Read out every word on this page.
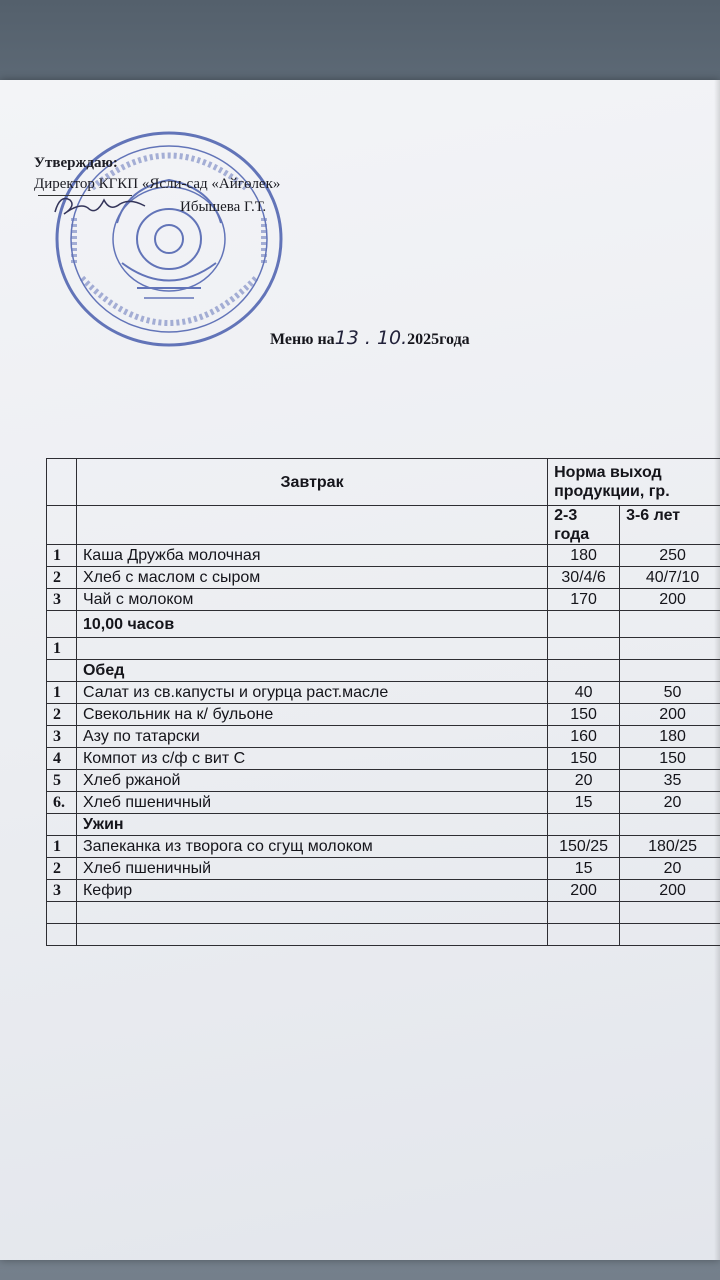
Утверждаю:
Директор КГКП «Ясли-сад «Айгөлек»
Ибышева Г.Т.
Меню на13 . 10.2025года
	Завтрак	Норма выход продукции, гр.	
		2-3 года	3-6 лет
1	Каша Дружба молочная	180	250
2	Хлеб с маслом с сыром	30/4/6	40/7/10
3	Чай с молоком	170	200
	10,00 часов		
1			
	Обед		
1	Салат из св.капусты и огурца раст.масле	40	50
2	Свекольник на к/ бульоне	150	200
3	Азу по татарски	160	180
4	Компот из с/ф с вит С	150	150
5	Хлеб ржаной	20	35
6.	Хлеб пшеничный	15	20
	Ужин		
1	Запеканка из творога со сгущ молоком	150/25	180/25
2	Хлеб пшеничный	15	20
3	Кефир	200	200
